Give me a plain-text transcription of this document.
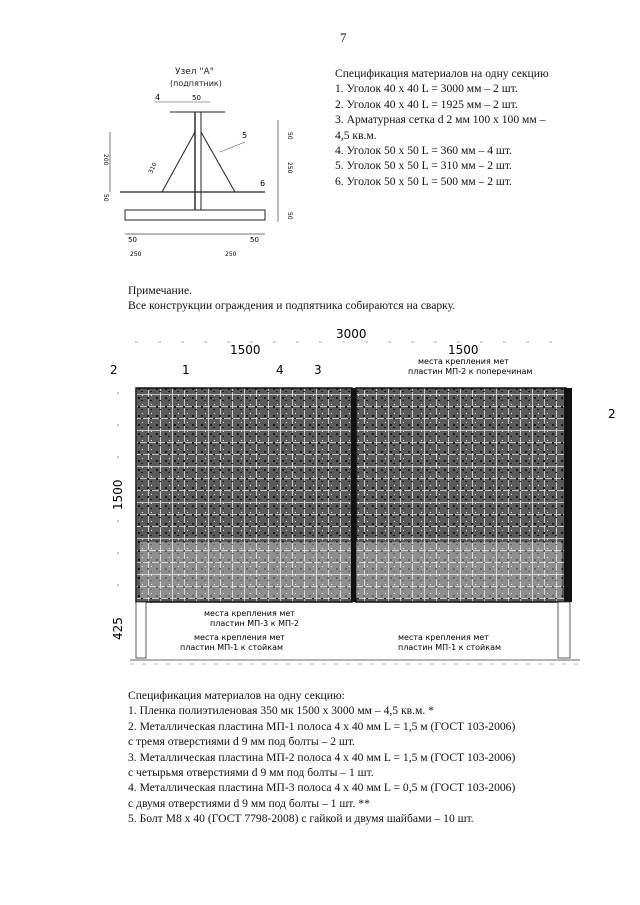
7
Узел "А"
(подпятник)
4	50
5
6
50
200
50
310	250
50
50
250
50
250
Спецификация материалов на одну секцию
1. Уголок 40 х 40 L = 3000 мм – 2 шт.
2. Уголок 40 х 40 L = 1925 мм – 2 шт.
3. Арматурная сетка d 2 мм 100 х 100 мм –
4,5 кв.м.
4. Уголок 50 х 50 L = 360 мм – 4 шт.
5. Уголок 50 х 50 L = 310 мм – 2 шт.
6. Уголок 50 х 50 L = 500 мм – 2 шт.
Примечание.
Все конструкции ограждения и подпятника собираются на сварку.
3000
1500	1500
2	1	4	3
2
места крепления мет
пластин МП-2 к поперечинам
1500
425
места крепления мет
пластин МП-3 к МП-2
места крепления мет
пластин МП-1 к стойкам
места крепления мет
пластин МП-1 к стойкам
Спецификация материалов на одну секцию:
1. Пленка полиэтиленовая 350 мк 1500 х 3000 мм – 4,5 кв.м. *
2. Металлическая пластина МП-1 полоса 4 х 40 мм L = 1,5 м (ГОСТ 103-2006)
с тремя отверстиями d 9 мм под болты – 2 шт.
3. Металлическая пластина МП-2 полоса 4 х 40 мм L = 1,5 м (ГОСТ 103-2006)
с четырьмя отверстиями d 9 мм под болты – 1 шт.
4. Металлическая пластина МП-3 полоса 4 х 40 мм L = 0,5 м (ГОСТ 103-2006)
с двумя отверстиями d 9 мм под болты – 1 шт. **
5. Болт М8 х 40 (ГОСТ 7798-2008) с гайкой и двумя шайбами – 10 шт.
